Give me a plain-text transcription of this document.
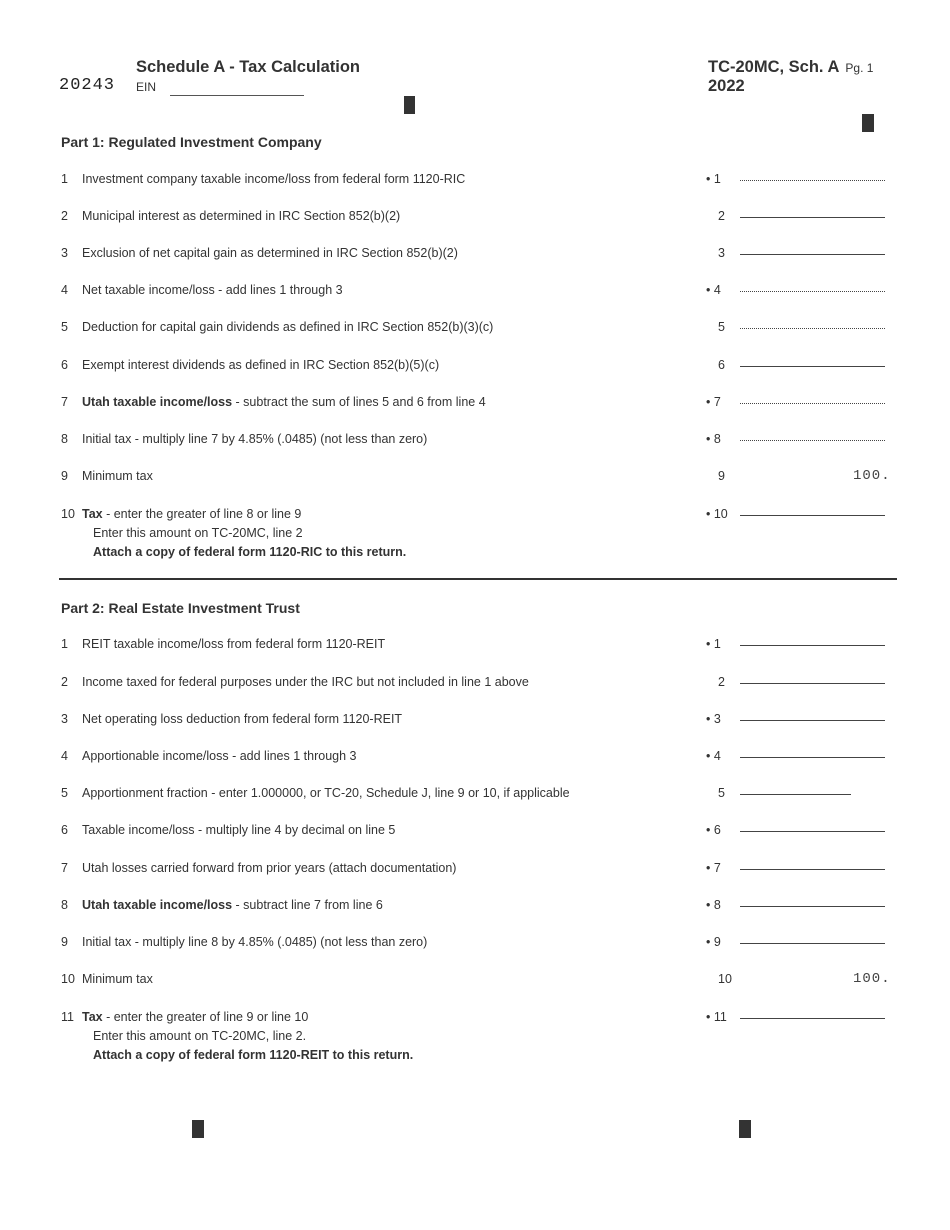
20243
Schedule A - Tax Calculation
EIN
TC-20MC, Sch. A Pg. 1
2022
Part 1: Regulated Investment Company
1 Investment company taxable income/loss from federal form 1120-RIC	• 1
2 Municipal interest as determined in IRC Section 852(b)(2)	2
3 Exclusion of net capital gain as determined in IRC Section 852(b)(2)	3
4 Net taxable income/loss - add lines 1 through 3	• 4
5 Deduction for capital gain dividends as defined in IRC Section 852(b)(3)(c)	5
6 Exempt interest dividends as defined in IRC Section 852(b)(5)(c)	6
7 Utah taxable income/loss - subtract the sum of lines 5 and 6 from line 4	• 7
8 Initial tax - multiply line 7 by 4.85% (.0485) (not less than zero)	• 8
9 Minimum tax	9	100.
10 Tax - enter the greater of line 8 or line 9	• 10
Enter this amount on TC-20MC, line 2
Attach a copy of federal form 1120-RIC to this return.
Part 2: Real Estate Investment Trust
1 REIT taxable income/loss from federal form 1120-REIT	• 1
2 Income taxed for federal purposes under the IRC but not included in line 1 above	2
3 Net operating loss deduction from federal form 1120-REIT	• 3
4 Apportionable income/loss - add lines 1 through 3	• 4
5 Apportionment fraction - enter 1.000000, or TC-20, Schedule J, line 9 or 10, if applicable	5
6 Taxable income/loss - multiply line 4 by decimal on line 5	• 6
7 Utah losses carried forward from prior years (attach documentation)	• 7
8 Utah taxable income/loss - subtract line 7 from line 6	• 8
9 Initial tax - multiply line 8 by 4.85% (.0485) (not less than zero)	• 9
10 Minimum tax	10	100.
11 Tax - enter the greater of line 9 or line 10	• 11
Enter this amount on TC-20MC, line 2.
Attach a copy of federal form 1120-REIT to this return.
